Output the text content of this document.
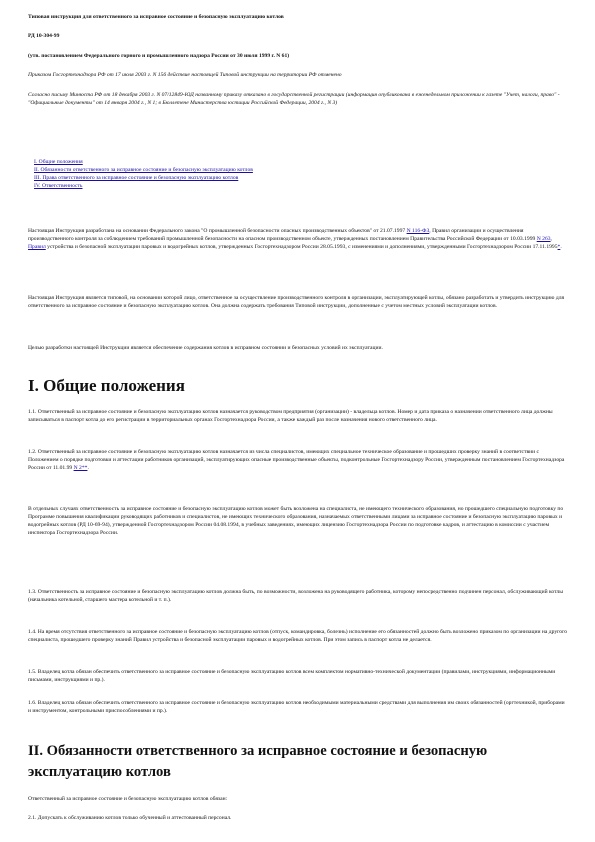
Типовая инструкция для ответственного за исправное состояние и безопасную эксплуатацию котлов

РД 10-304-99

(утв. постановлением Федерального горного и промышленного надзора России от 30 июля 1999 г. N 61)

Приказом Госгортехнадзора РФ от 17 июля 2003 г. N 156 действие настоящей Типовой инструкции на территории РФ отменено

Согласно письму Минюста РФ от 18 декабря 2003 г. N 07/12849-ЮД названному приказу отказано в государственной регистрации (информация опубликована в еженедельном приложении к газете "Учет, налоги, право" - "Официальные документы" от 14 января 2004 г., N 1; в Бюллетене Министерства юстиции Российской Федерации, 2004 г., N 3)

I. Общие положения
II. Обязанности ответственного за исправное состояние и безопасную эксплуатацию котлов
III. Права ответственного за исправное состояние и безопасную эксплуатацию котлов
IV. Ответственность

Настоящая Инструкция разработана на основании Федерального закона "О промышленной безопасности опасных производственных объектов" от 21.07.1997 N 116-ФЗ, Правил организации и осуществления производственного контроля за соблюдением требований промышленной безопасности на опасном производственном объекте, утвержденных постановлением Правительства Российской Федерации от 10.03.1999 N 263, Правил устройства и безопасной эксплуатации паровых и водогрейных котлов, утвержденных Госгортехнадзором России 28.05.1993, с изменениями и дополнениями, утвержденными Госгортехнадзором России 17.11.1995*.

Настоящая Инструкция является типовой, на основании которой лицо, ответственное за осуществление производственного контроля в организации, эксплуатирующей котлы, обязано разработать и утвердить инструкцию для ответственного за исправное состояние и безопасную эксплуатацию котлов. Она должна содержать требования Типовой инструкции, дополненные с учетом местных условий эксплуатации котлов.

Целью разработки настоящей Инструкции является обеспечение содержания котлов в исправном состоянии и безопасных условий их эксплуатации.

I. Общие положения

1.1. Ответственный за исправное состояние и безопасную эксплуатацию котлов назначается руководством предприятия (организации) - владельца котлов. Номер и дата приказа о назначении ответственного лица должны записываться в паспорт котла до его регистрации в территориальных органах Госгортехнадзора России, а также каждый раз после назначения нового ответственного лица.

1.2. Ответственный за исправное состояние и безопасную эксплуатацию котлов назначается из числа специалистов, имеющих специальное техническое образование и прошедших проверку знаний в соответствии с Положением о порядке подготовки и аттестации работников организаций, эксплуатирующих опасные производственные объекты, подконтрольные Госгортехнадзору России, утвержденным постановлением Госгортехнадзора России от 11.01.99 N 2**.

В отдельных случаях ответственность за исправное состояние и безопасную эксплуатацию котлов может быть возложена на специалиста, не имеющего технического образования, но прошедшего специальную подготовку по Программе повышения квалификации руководящих работников и специалистов, не имеющих технического образования, назначаемых ответственными лицами за исправное состояние и безопасную эксплуатацию паровых и водогрейных котлов (РД 10-69-94), утвержденной Госгортехнадзором России 04.08.1994, в учебных заведениях, имеющих лицензию Госгортехнадзора России по подготовке кадров, и аттестацию в комиссии с участием инспектора Госгортехнадзора России.

1.3. Ответственность за исправное состояние и безопасную эксплуатацию котлов должна быть, по возможности, возложена на руководящего работника, которому непосредственно подчинен персонал, обслуживающий котлы (начальника котельной, старшего мастера котельной и т. п.).

1.4. На время отсутствия ответственного за исправное состояние и безопасную эксплуатацию котлов (отпуск, командировка, болезнь) исполнение его обязанностей должно быть возложено приказом по организации на другого специалиста, прошедшего проверку знаний Правил устройства и безопасной эксплуатации паровых и водогрейных котлов. При этом запись в паспорт котла не делается.

1.5. Владелец котла обязан обеспечить ответственного за исправное состояние и безопасную эксплуатацию котлов всем комплектом нормативно-технической документации (правилами, инструкциями, информационными письмами, инструкциями и пр.).

1.6. Владелец котла обязан обеспечить ответственного за исправное состояние и безопасную эксплуатацию котлов необходимыми материальными средствами для выполнения им своих обязанностей (оргтехникой, приборами и инструментом, контрольными приспособлениями и пр.).

II. Обязанности ответственного за исправное состояние и безопасную эксплуатацию котлов

Ответственный за исправное состояние и безопасную эксплуатацию котлов обязан:

2.1. Допускать к обслуживанию котлов только обученный и аттестованный персонал.
